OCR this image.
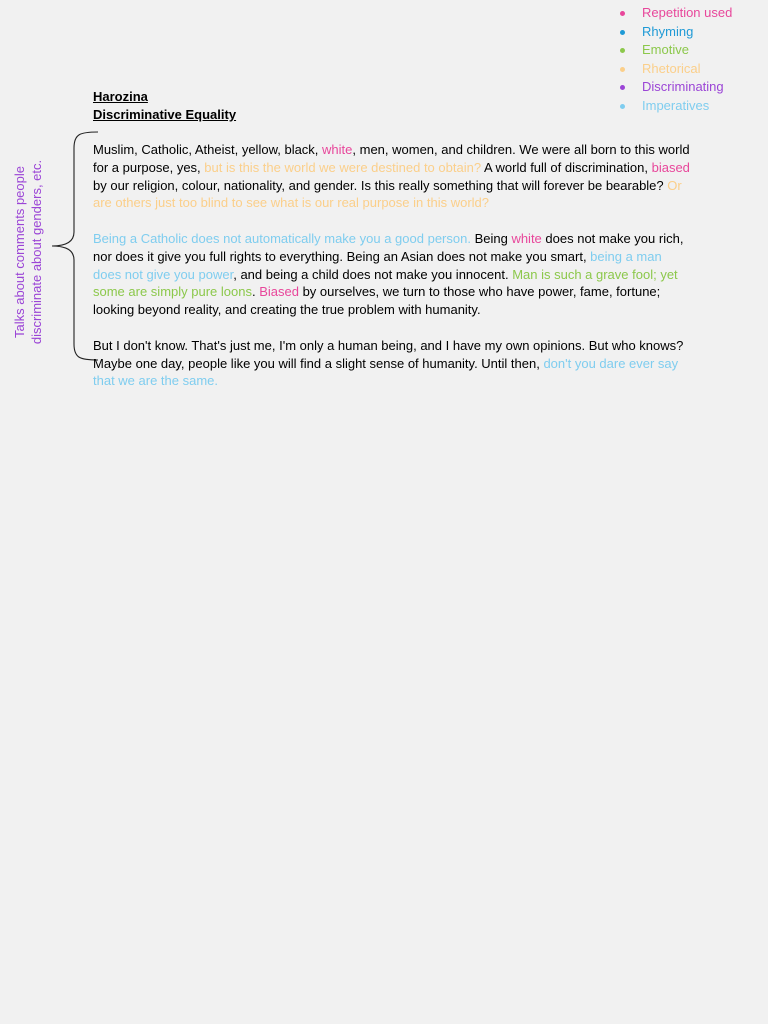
Repetition used
Rhyming
Emotive
Rhetorical
Discriminating
Imperatives
Harozina
Discriminative Equality
Talks about comments people discriminate about genders, etc.

Muslim, Catholic, Atheist, yellow, black, white, men, women, and children. We were all born to this world for a purpose, yes, but is this the world we were destined to obtain? A world full of discrimination, biased by our religion, colour, nationality, and gender. Is this really something that will forever be bearable? Or are others just too blind to see what is our real purpose in this world?

Being a Catholic does not automatically make you a good person. Being white does not make you rich, nor does it give you full rights to everything. Being an Asian does not make you smart, being a man does not give you power, and being a child does not make you innocent. Man is such a grave fool; yet some are simply pure loons. Biased by ourselves, we turn to those who have power, fame, fortune; looking beyond reality, and creating the true problem with humanity.

But I don't know. That's just me, I'm only a human being, and I have my own opinions. But who knows? Maybe one day, people like you will find a slight sense of humanity. Until then, don't you dare ever say that we are the same.
